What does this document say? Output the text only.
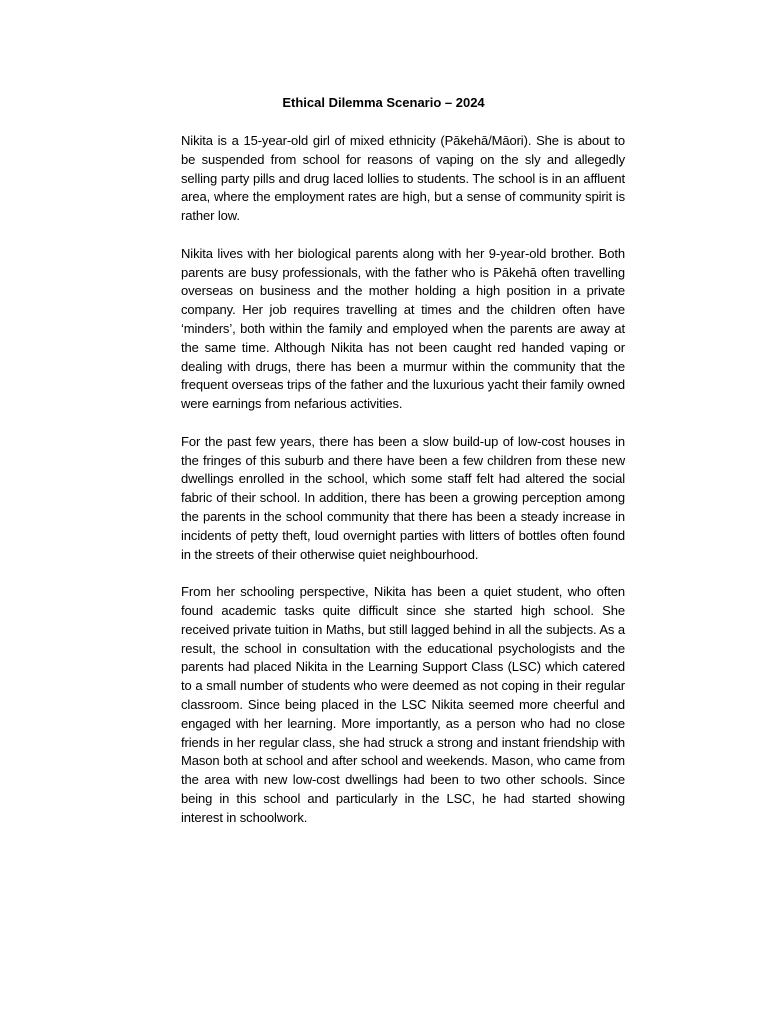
Ethical Dilemma Scenario – 2024

Nikita is a 15-year-old girl of mixed ethnicity (Pākehā/Māori). She is about to be suspended from school for reasons of vaping on the sly and allegedly selling party pills and drug laced lollies to students. The school is in an affluent area, where the employment rates are high, but a sense of community spirit is rather low.

Nikita lives with her biological parents along with her 9-year-old brother. Both parents are busy professionals, with the father who is Pākehā often travelling overseas on business and the mother holding a high position in a private company. Her job requires travelling at times and the children often have ‘minders’, both within the family and employed when the parents are away at the same time. Although Nikita has not been caught red handed vaping or dealing with drugs, there has been a murmur within the community that the frequent overseas trips of the father and the luxurious yacht their family owned were earnings from nefarious activities.

For the past few years, there has been a slow build-up of low-cost houses in the fringes of this suburb and there have been a few children from these new dwellings enrolled in the school, which some staff felt had altered the social fabric of their school. In addition, there has been a growing perception among the parents in the school community that there has been a steady increase in incidents of petty theft, loud overnight parties with litters of bottles often found in the streets of their otherwise quiet neighbourhood.

From her schooling perspective, Nikita has been a quiet student, who often found academic tasks quite difficult since she started high school. She received private tuition in Maths, but still lagged behind in all the subjects. As a result, the school in consultation with the educational psychologists and the parents had placed Nikita in the Learning Support Class (LSC) which catered to a small number of students who were deemed as not coping in their regular classroom. Since being placed in the LSC Nikita seemed more cheerful and engaged with her learning. More importantly, as a person who had no close friends in her regular class, she had struck a strong and instant friendship with Mason both at school and after school and weekends. Mason, who came from the area with new low-cost dwellings had been to two other schools. Since being in this school and particularly in the LSC, he had started showing interest in schoolwork.
